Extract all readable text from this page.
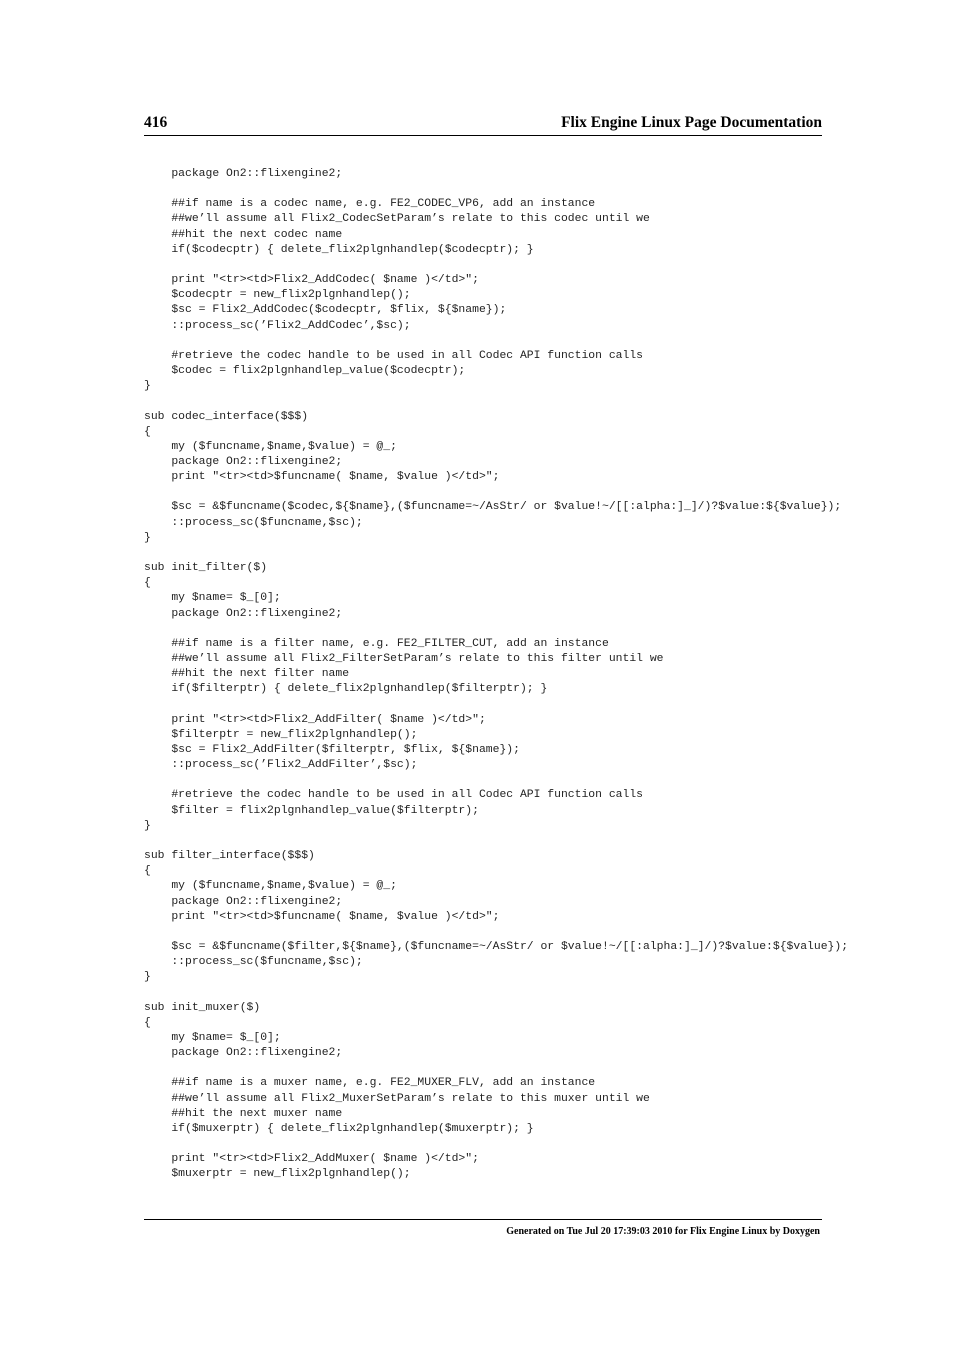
416	Flix Engine Linux Page Documentation
package On2::flixengine2;
##if name is a codec name, e.g. FE2_CODEC_VP6, add an instance
##we’ll assume all Flix2_CodecSetParam’s relate to this codec until we
##hit the next codec name
if($codecptr) { delete_flix2plgnhandlep($codecptr); }
print "<tr><td>Flix2_AddCodec( $name )</td>";
$codecptr = new_flix2plgnhandlep();
$sc = Flix2_AddCodec($codecptr, $flix, ${$name});
::process_sc(’Flix2_AddCodec’,$sc);
#retrieve the codec handle to be used in all Codec API function calls
$codec = flix2plgnhandlep_value($codecptr);
}
sub codec_interface($$$)
{
my ($funcname,$name,$value) = @_;
package On2::flixengine2;
print "<tr><td>$funcname( $name, $value )</td>";
$sc = &$funcname($codec,${$name},($funcname=~/AsStr/ or $value!~/[[:alpha:]_]/)?$value:${$value});
::process_sc($funcname,$sc);
}
sub init_filter($)
{
my $name= $_[0];
package On2::flixengine2;
##if name is a filter name, e.g. FE2_FILTER_CUT, add an instance
##we’ll assume all Flix2_FilterSetParam’s relate to this filter until we
##hit the next filter name
if($filterptr) { delete_flix2plgnhandlep($filterptr); }
print "<tr><td>Flix2_AddFilter( $name )</td>";
$filterptr = new_flix2plgnhandlep();
$sc = Flix2_AddFilter($filterptr, $flix, ${$name});
::process_sc(’Flix2_AddFilter’,$sc);
#retrieve the codec handle to be used in all Codec API function calls
$filter = flix2plgnhandlep_value($filterptr);
}
sub filter_interface($$$)
{
my ($funcname,$name,$value) = @_;
package On2::flixengine2;
print "<tr><td>$funcname( $name, $value )</td>";
$sc = &$funcname($filter,${$name},($funcname=~/AsStr/ or $value!~/[[:alpha:]_]/)?$value:${$value});
::process_sc($funcname,$sc);
}
sub init_muxer($)
{
my $name= $_[0];
package On2::flixengine2;
##if name is a muxer name, e.g. FE2_MUXER_FLV, add an instance
##we’ll assume all Flix2_MuxerSetParam’s relate to this muxer until we
##hit the next muxer name
if($muxerptr) { delete_flix2plgnhandlep($muxerptr); }
print "<tr><td>Flix2_AddMuxer( $name )</td>";
$muxerptr = new_flix2plgnhandlep();
Generated on Tue Jul 20 17:39:03 2010 for Flix Engine Linux by Doxygen
